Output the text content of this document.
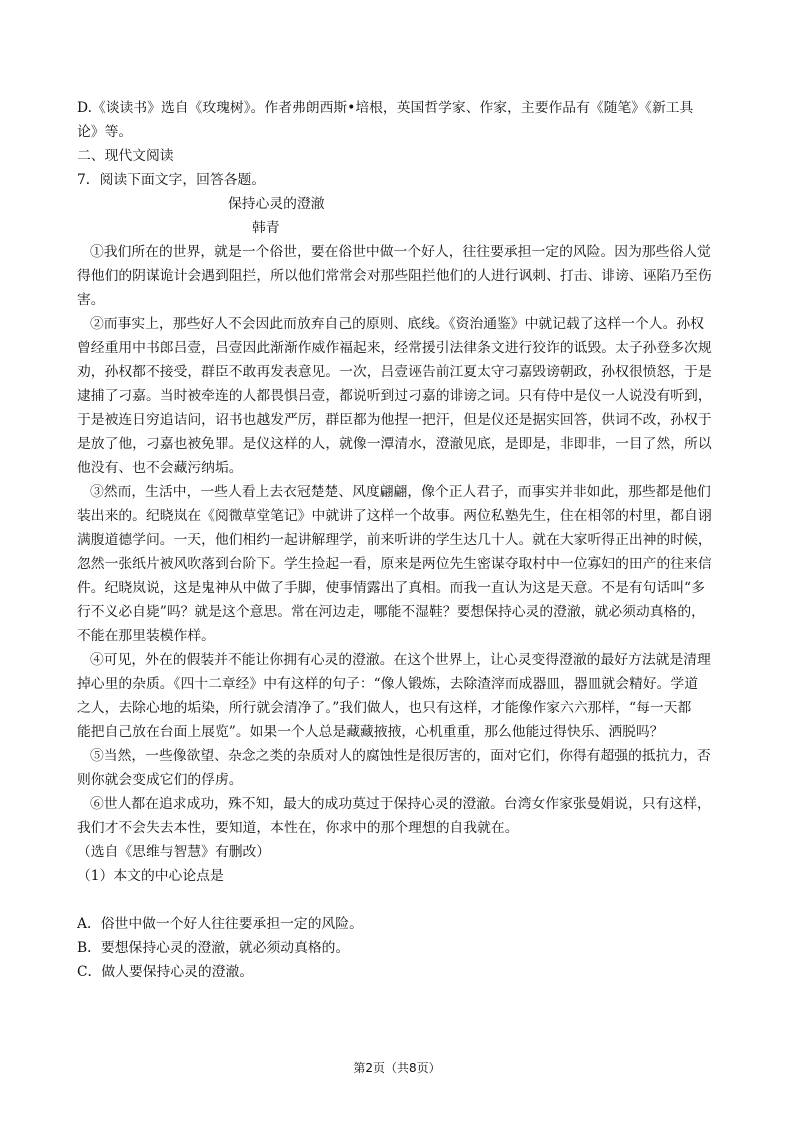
D.《谈读书》选自《玫瑰树》。作者弗朗西斯•培根，英国哲学家、作家，主要作品有《随笔》《新工具
论》等。
二、现代文阅读
7．阅读下面文字，回答各题。
保持心灵的澄澈
韩青
①我们所在的世界，就是一个俗世，要在俗世中做一个好人，往往要承担一定的风险。因为那些俗人觉
得他们的阴谋诡计会遇到阻拦，所以他们常常会对那些阻拦他们的人进行讽刺、打击、诽谤、诬陷乃至伤
害。
②而事实上，那些好人不会因此而放弃自己的原则、底线。《资治通鉴》中就记载了这样一个人。孙权
曾经重用中书郎吕壹，吕壹因此渐渐作威作福起来，经常援引法律条文进行狡诈的诋毁。太子孙登多次规
劝，孙权都不接受，群臣不敢再发表意见。一次，吕壹诬告前江夏太守刁嘉毁谤朝政，孙权很愤怒，于是
逮捕了刁嘉。当时被牵连的人都畏惧吕壹，都说听到过刁嘉的诽谤之词。只有侍中是仪一人说没有听到，
于是被连日穷追诘问，诏书也越发严厉，群臣都为他捏一把汗，但是仪还是据实回答，供词不改，孙权于
是放了他，刁嘉也被免罪。是仪这样的人，就像一潭清水，澄澈见底，是即是，非即非，一目了然，所以
他没有、也不会藏污纳垢。
③然而，生活中，一些人看上去衣冠楚楚、风度翩翩，像个正人君子，而事实并非如此，那些都是他们
装出来的。纪晓岚在《阅微草堂笔记》中就讲了这样一个故事。两位私塾先生，住在相邻的村里，都自诩
满腹道德学问。一天，他们相约一起讲解理学，前来听讲的学生达几十人。就在大家听得正出神的时候，
忽然一张纸片被风吹落到台阶下。学生捡起一看，原来是两位先生密谋夺取村中一位寡妇的田产的往来信
件。纪晓岚说，这是鬼神从中做了手脚，使事情露出了真相。而我一直认为这是天意。不是有句话叫“多
行不义必自毙”吗？就是这个意思。常在河边走，哪能不湿鞋？要想保持心灵的澄澈，就必须动真格的，
不能在那里装模作样。
④可见，外在的假装并不能让你拥有心灵的澄澈。在这个世界上，让心灵变得澄澈的最好方法就是清理
掉心里的杂质。《四十二章经》中有这样的句子：“像人锻炼，去除渣滓而成器皿，器皿就会精好。学道
之人，去除心地的垢染，所行就会清净了。”我们做人，也只有这样，才能像作家六六那样，“每一天都
能把自己放在台面上展览”。如果一个人总是藏藏掖掖，心机重重，那么他能过得快乐、洒脱吗？
⑤当然，一些像欲望、杂念之类的杂质对人的腐蚀性是很厉害的，面对它们，你得有超强的抵抗力，否
则你就会变成它们的俘虏。
⑥世人都在追求成功，殊不知，最大的成功莫过于保持心灵的澄澈。台湾女作家张曼娟说，只有这样，
我们才不会失去本性，要知道，本性在，你求中的那个理想的自我就在。
（选自《思维与智慧》有删改）
（1）本文的中心论点是
A．俗世中做一个好人往往要承担一定的风险。
B．要想保持心灵的澄澈，就必须动真格的。
C．做人要保持心灵的澄澈。
第2页（共8页）
